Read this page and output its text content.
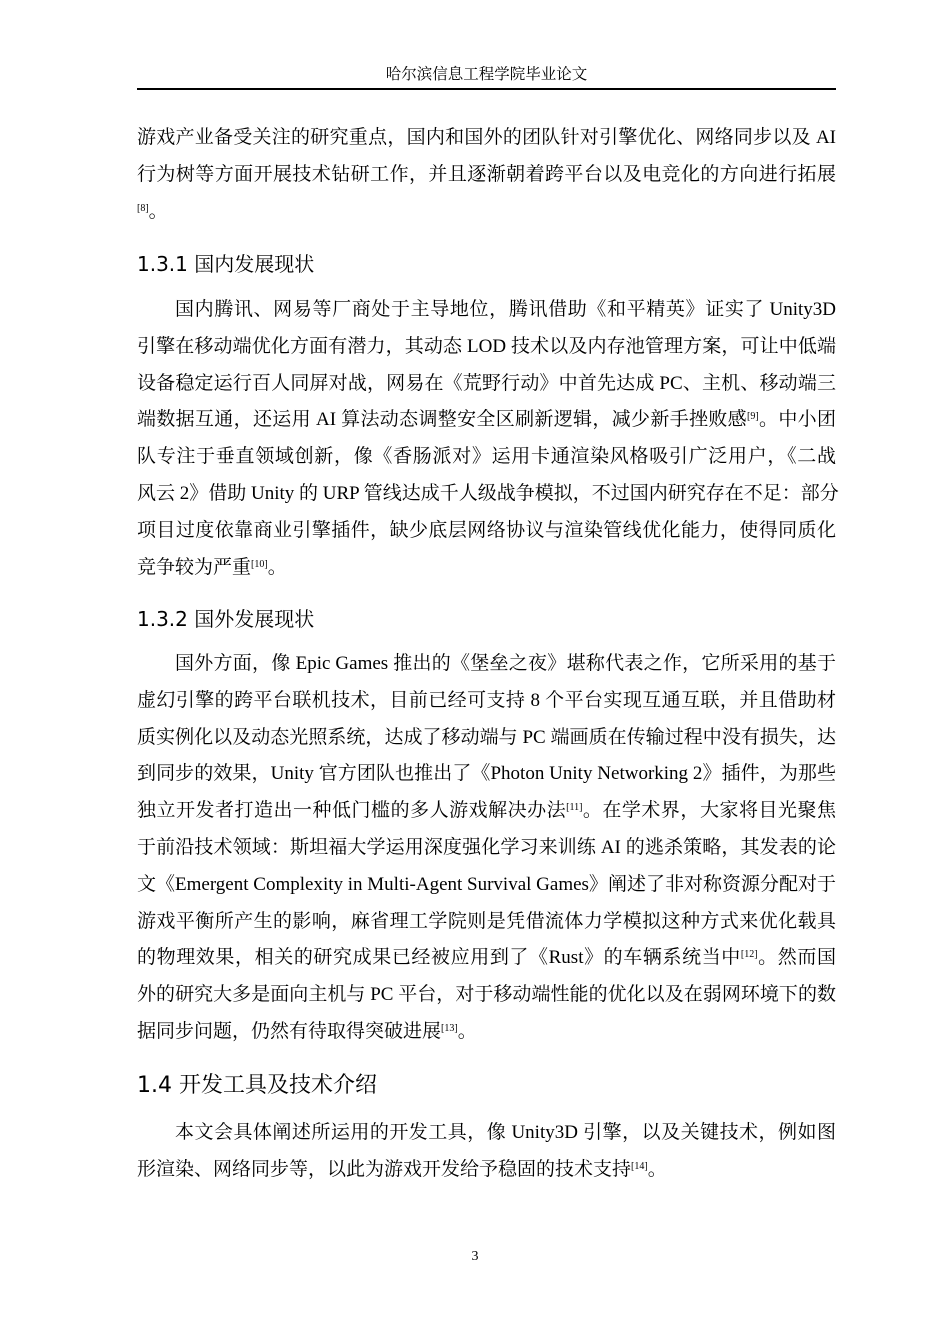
哈尔滨信息工程学院毕业论文
游戏产业备受关注的研究重点，国内和国外的团队针对引擎优化、网络同步以及 AI
行为树等方面开展技术钻研工作，并且逐渐朝着跨平台以及电竞化的方向进行拓展
[8]。
1.3.1 国内发展现状
国内腾讯、网易等厂商处于主导地位，腾讯借助《和平精英》证实了 Unity3D
引擎在移动端优化方面有潜力，其动态 LOD 技术以及内存池管理方案，可让中低端
设备稳定运行百人同屏对战，网易在《荒野行动》中首先达成 PC、主机、移动端三
端数据互通，还运用 AI 算法动态调整安全区刷新逻辑，减少新手挫败感[9]。中小团
队专注于垂直领域创新，像《香肠派对》运用卡通渲染风格吸引广泛用户，《二战
风云 2》借助 Unity 的 URP 管线达成千人级战争模拟，不过国内研究存在不足：部分
项目过度依靠商业引擎插件，缺少底层网络协议与渲染管线优化能力，使得同质化
竞争较为严重[10]。
1.3.2 国外发展现状
国外方面，像 Epic Games 推出的《堡垒之夜》堪称代表之作，它所采用的基于
虚幻引擎的跨平台联机技术，目前已经可支持 8 个平台实现互通互联，并且借助材
质实例化以及动态光照系统，达成了移动端与 PC 端画质在传输过程中没有损失，达
到同步的效果，Unity 官方团队也推出了《Photon Unity Networking 2》插件，为那些
独立开发者打造出一种低门槛的多人游戏解决办法[11]。在学术界，大家将目光聚焦
于前沿技术领域：斯坦福大学运用深度强化学习来训练 AI 的逃杀策略，其发表的论
文《Emergent Complexity in Multi-Agent Survival Games》阐述了非对称资源分配对于
游戏平衡所产生的影响，麻省理工学院则是凭借流体力学模拟这种方式来优化载具
的物理效果，相关的研究成果已经被应用到了《Rust》的车辆系统当中[12]。然而国
外的研究大多是面向主机与 PC 平台，对于移动端性能的优化以及在弱网环境下的数
据同步问题，仍然有待取得突破进展[13]。
1.4 开发工具及技术介绍
本文会具体阐述所运用的开发工具，像 Unity3D 引擎，以及关键技术，例如图
形渲染、网络同步等，以此为游戏开发给予稳固的技术支持[14]。
3
